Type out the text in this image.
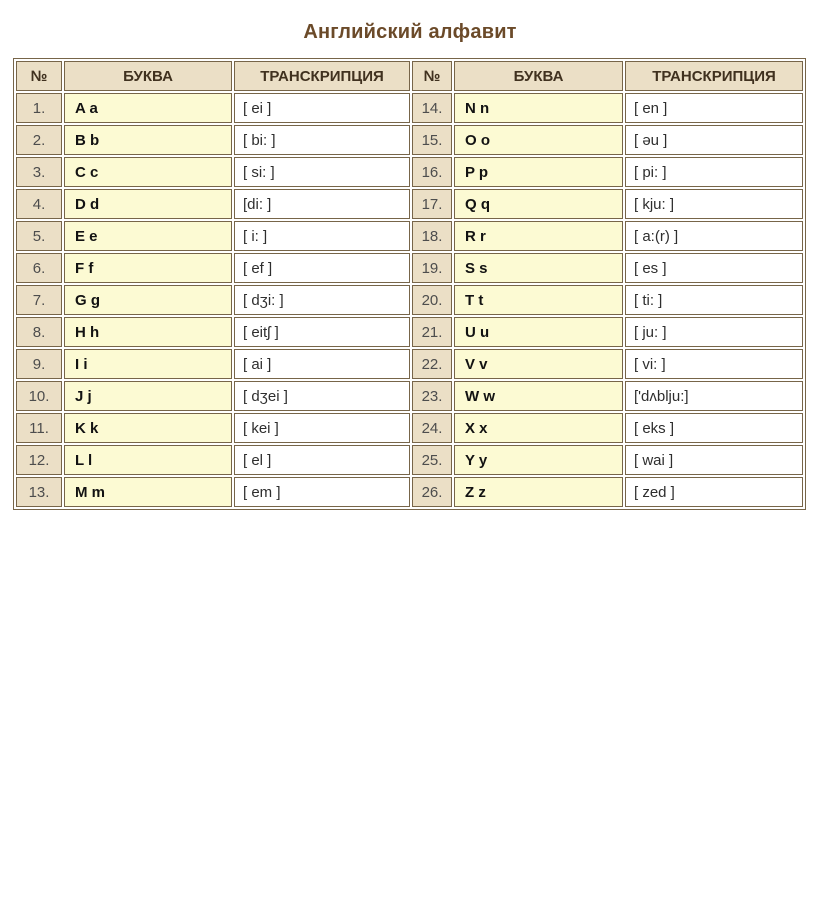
Английский алфавит
№	БУКВА	ТРАНСКРИПЦИЯ	№	БУКВА	ТРАНСКРИПЦИЯ
1.	A a	[ ei ]	14.	N n	[ en ]
2.	B b	[ bi: ]	15.	O o	[ əu ]
3.	C c	[ si: ]	16.	P p	[ pi: ]
4.	D d	[di: ]	17.	Q q	[ kju: ]
5.	E e	[ i: ]	18.	R r	[ a:(r) ]
6.	F f	[ ef ]	19.	S s	[ es ]
7.	G g	[ dʒi: ]	20.	T t	[ ti: ]
8.	H h	[ eitʃ ]	21.	U u	[ ju: ]
9.	I i	[ ai ]	22.	V v	[ vi: ]
10.	J j	[ dʒei ]	23.	W w	['dʌblju:]
11.	K k	[ kei ]	24.	X x	[ eks ]
12.	L l	[ el ]	25.	Y y	[ wai ]
13.	M m	[ em ]	26.	Z z	[ zed ]
